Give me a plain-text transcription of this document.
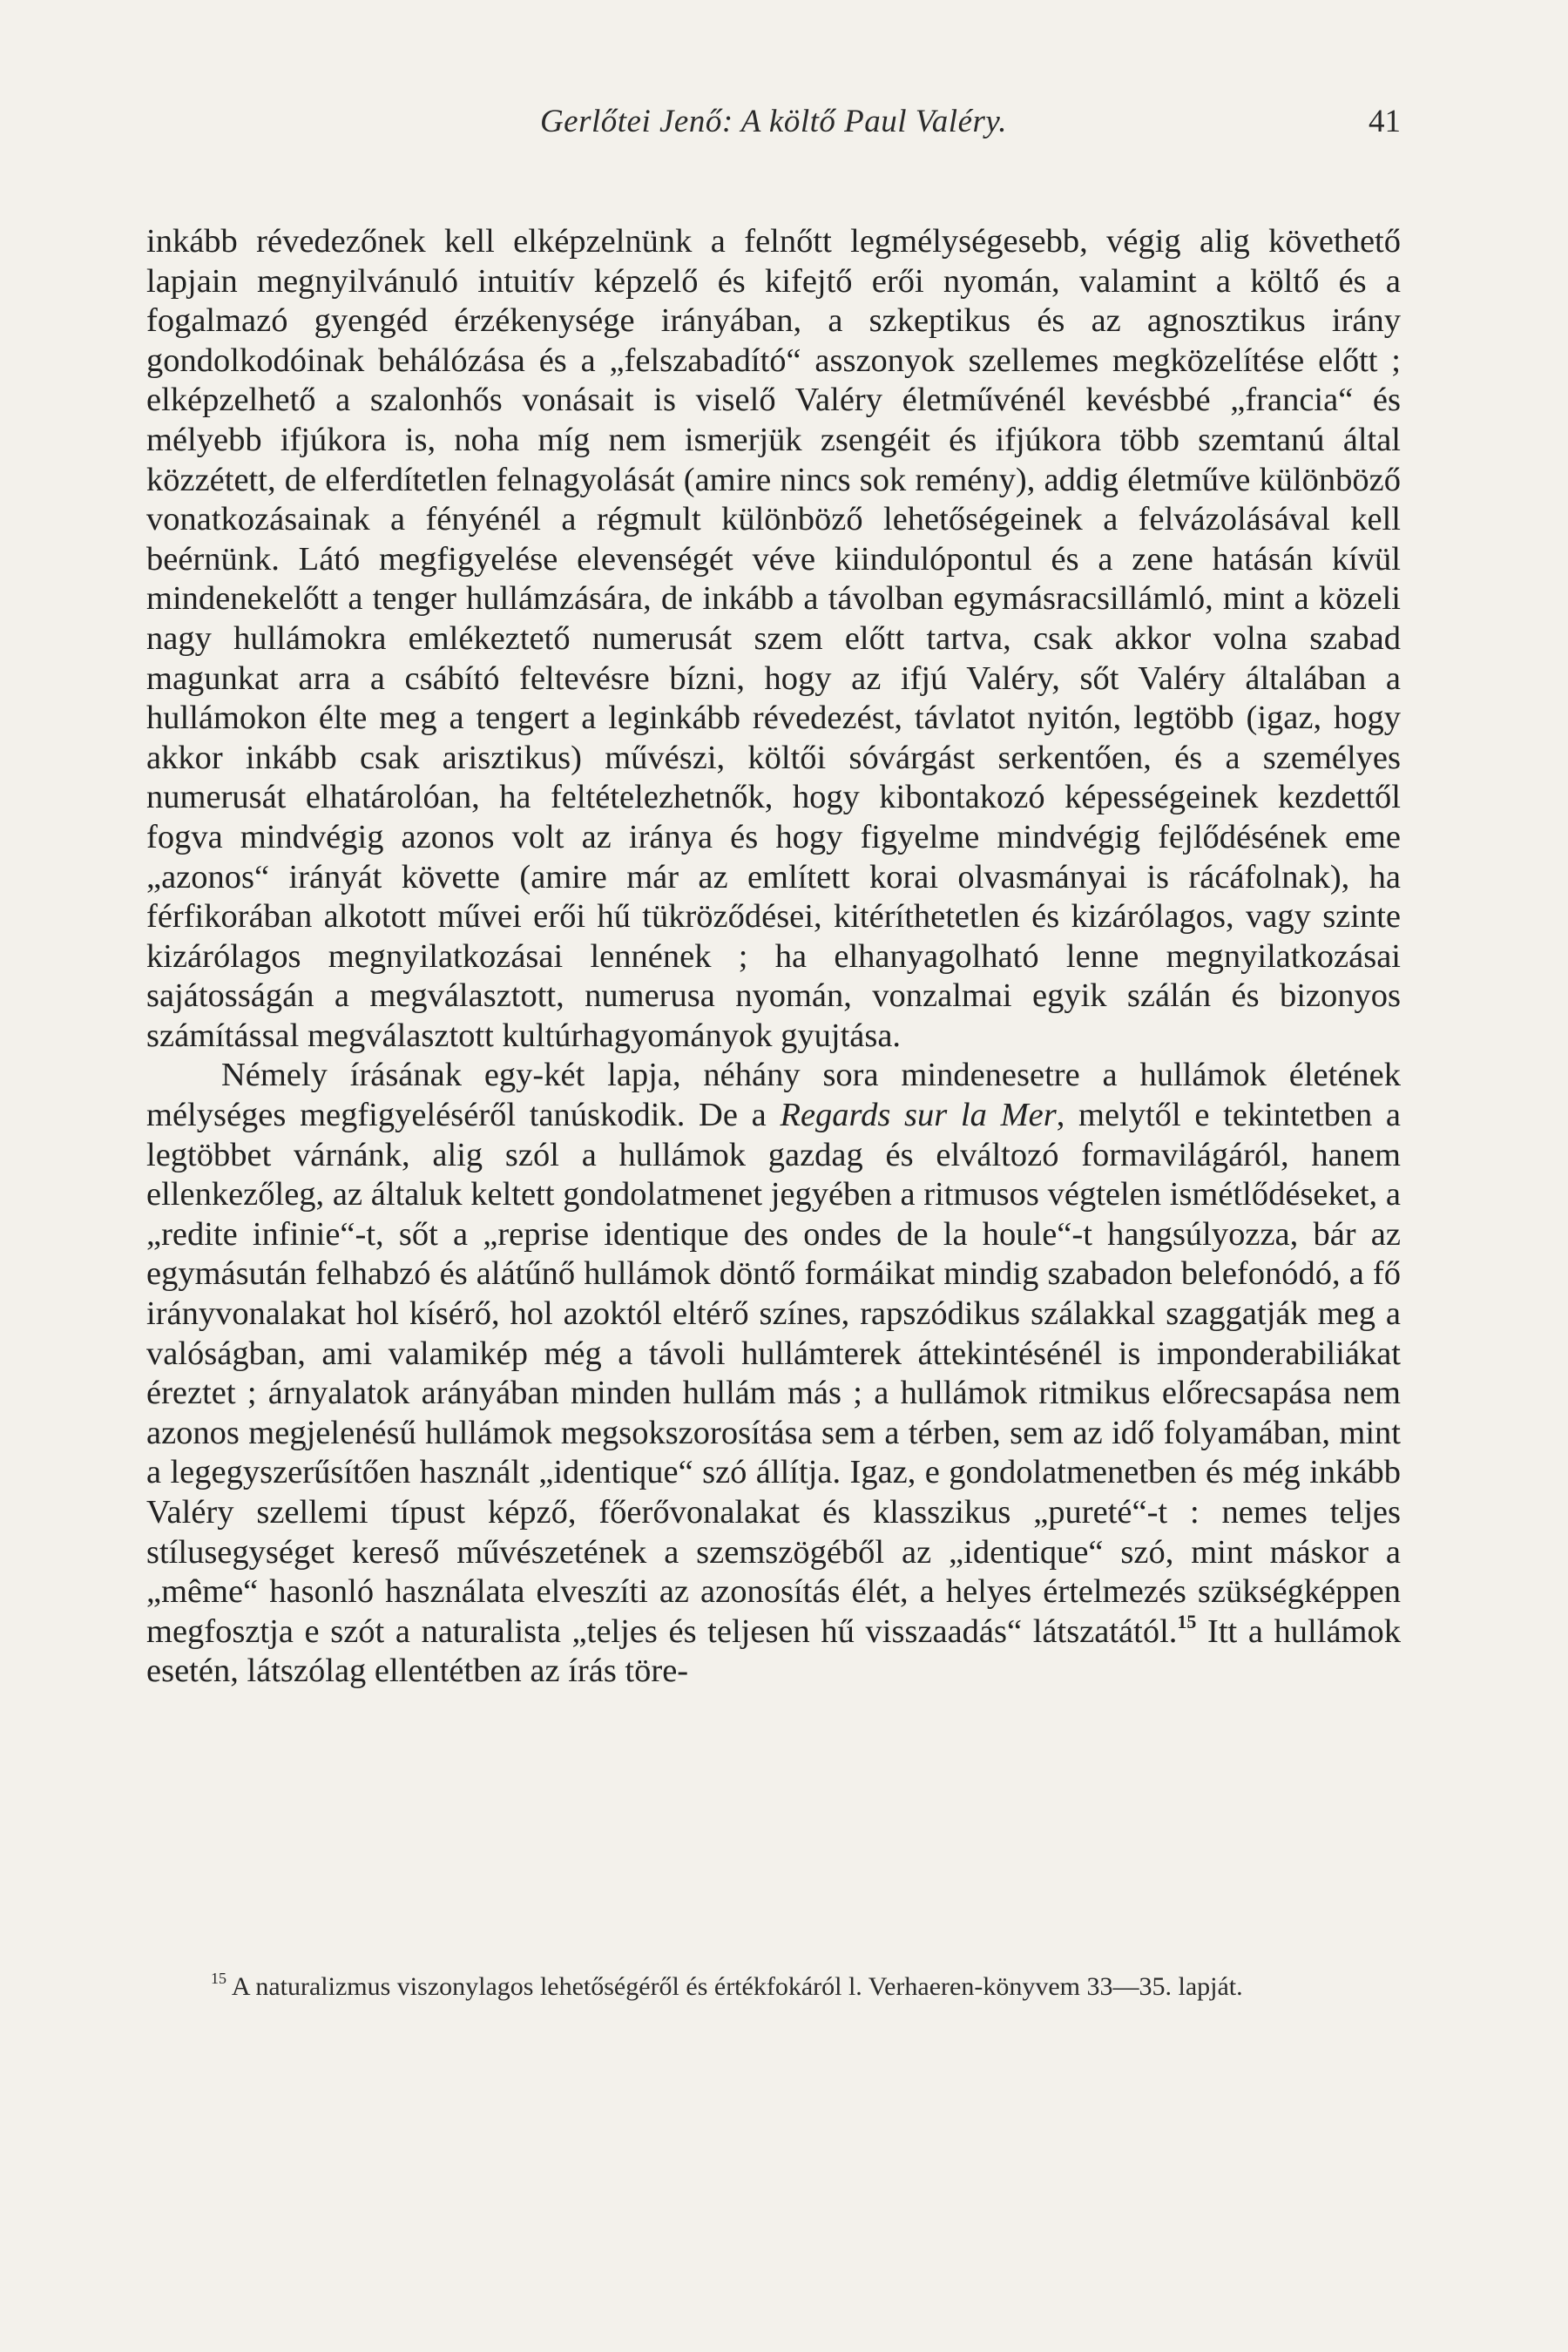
Gerlőtei Jenő: A költő Paul Valéry.	41

inkább révedezőnek kell elképzelnünk a felnőtt legmélységesebb, végig alig követhető lapjain megnyilvánuló intuitív képzelő és kifejtő erői nyomán, valamint a költő és a fogalmazó gyengéd érzékenysége irányában, a szkeptikus és az agnosztikus irány gondolkodóinak behálózása és a „felszabadító“ asszonyok szellemes megközelítése előtt ; elképzelhető a szalonhős vonásait is viselő Valéry életművénél kevésbbé „francia“ és mélyebb ifjúkora is, noha míg nem ismerjük zsengéit és ifjúkora több szemtanú által közzétett, de elferdítetlen felnagyolását (amire nincs sok remény), addig életműve különböző vonatkozásainak a fényénél a régmult különböző lehetőségeinek a felvázolásával kell beérnünk. Látó megfigyelése elevenségét véve kiindulópontul és a zene hatásán kívül mindenekelőtt a tenger hullámzására, de inkább a távolban egymásracsillámló, mint a közeli nagy hullámokra emlékeztető numerusát szem előtt tartva, csak akkor volna szabad magunkat arra a csábító feltevésre bízni, hogy az ifjú Valéry, sőt Valéry általában a hullámokon élte meg a tengert a leginkább révedezést, távlatot nyitón, legtöbb (igaz, hogy akkor inkább csak arisztikus) művészi, költői sóvárgást serkentően, és a személyes numerusát elhatárolóan, ha feltételezhetnők, hogy kibontakozó képességeinek kezdettől fogva mindvégig azonos volt az iránya és hogy figyelme mindvégig fejlődésének eme „azonos“ irányát követte (amire már az említett korai olvasmányai is rácáfolnak), ha férfikorában alkotott művei erői hű tükröződései, kitéríthetetlen és kizárólagos, vagy szinte kizárólagos megnyilatkozásai lennének ; ha elhanyagolható lenne megnyilatkozásai sajátosságán a megválasztott, numerusa nyomán, vonzalmai egyik szálán és bizonyos számítással megválasztott kultúrhagyományok gyujtása.

Némely írásának egy-két lapja, néhány sora mindenesetre a hullámok életének mélységes megfigyeléséről tanúskodik. De a Regards sur la Mer, melytől e tekintetben a legtöbbet várnánk, alig szól a hullámok gazdag és elváltozó formavilágáról, hanem ellenkezőleg, az általuk keltett gondolatmenet jegyében a ritmusos végtelen ismétlődéseket, a „redite infinie“-t, sőt a „reprise identique des ondes de la houle“-t hangsúlyozza, bár az egymásután felhabzó és alátűnő hullámok döntő formáikat mindig szabadon belefonódó, a fő irányvonalakat hol kísérő, hol azoktól eltérő színes, rapszódikus szálakkal szaggatják meg a valóságban, ami valamikép még a távoli hullámterek áttekintésénél is imponderabiliákat éreztet ; árnyalatok arányában minden hullám más ; a hullámok ritmikus előrecsapása nem azonos megjelenésű hullámok megsokszorosítása sem a térben, sem az idő folyamában, mint a legegyszerűsítően használt „identique“ szó állítja. Igaz, e gondolatmenetben és még inkább Valéry szellemi típust képző, főerővonalakat és klasszikus „pureté“-t : nemes teljes stílusegységet kereső művészetének a szemszögéből az „identique“ szó, mint máskor a „même“ hasonló használata elveszíti az azonosítás élét, a helyes értelmezés szükségképpen megfosztja e szót a naturalista „teljes és teljesen hű visszaadás“ látszatától.$^{15}$ Itt a hullámok esetén, látszólag ellentétben az írás töre-

$^{15}$ A naturalizmus viszonylagos lehetőségéről és értékfokáról l. Verhaeren-könyvem 33—35. lapját.
